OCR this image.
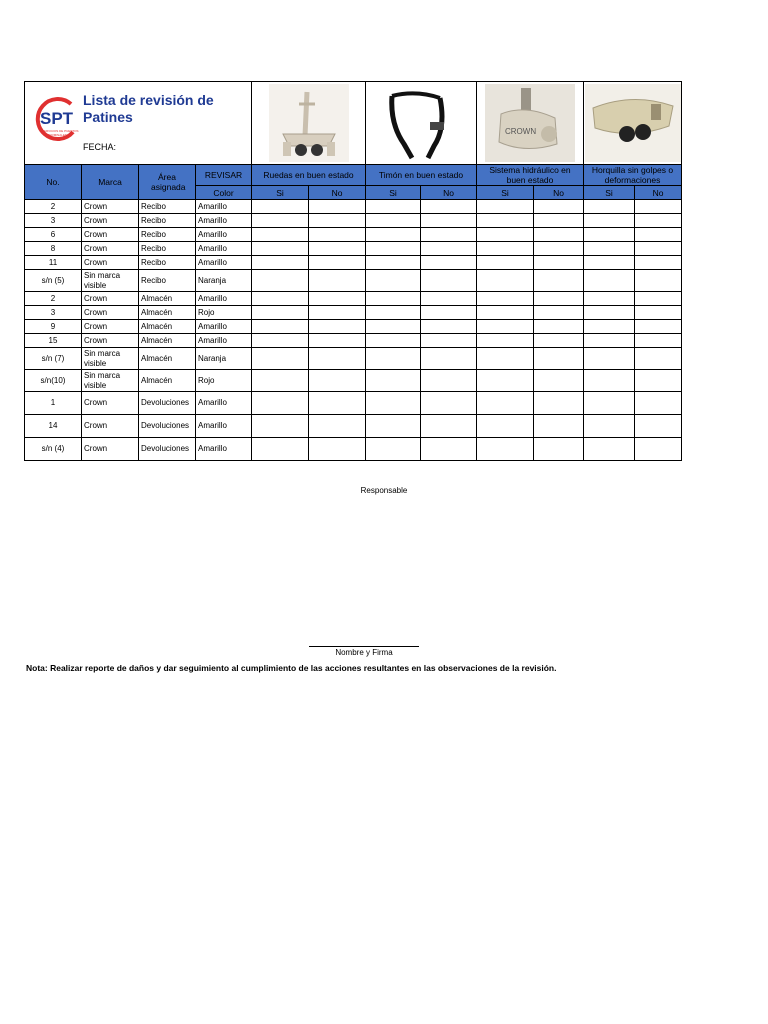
SPT
SERVICIOS DE PUERTOS
Y TERMINALES
Lista de revisión de Patines
FECHA:								CROWN

No.	Marca	Área asignada	REVISAR	Ruedas en buen estado		Timón en buen estado		Sistema hidráulico en buen estado		Horquilla sin golpes o deformaciones	
			Color	Si	No	Si	No	Si	No	Si	No
2	Crown	Recibo	Amarillo								
3	Crown	Recibo	Amarillo								
6	Crown	Recibo	Amarillo								
8	Crown	Recibo	Amarillo								
11	Crown	Recibo	Amarillo								
s/n (5)	Sin marca visible	Recibo	Naranja								
2	Crown	Almacén	Amarillo								
3	Crown	Almacén	Rojo								
9	Crown	Almacén	Amarillo								
15	Crown	Almacén	Amarillo								
s/n (7)	Sin marca visible	Almacén	Naranja								
s/n(10)	Sin marca visible	Almacén	Rojo								
1	Crown	Devoluciones	Amarillo								
14	Crown	Devoluciones	Amarillo								
s/n (4)	Crown	Devoluciones	Amarillo								
Responsable
Nombre y Firma
Nota: Realizar reporte de daños y dar seguimiento al cumplimiento de las acciones resultantes en las observaciones de la revisión.
